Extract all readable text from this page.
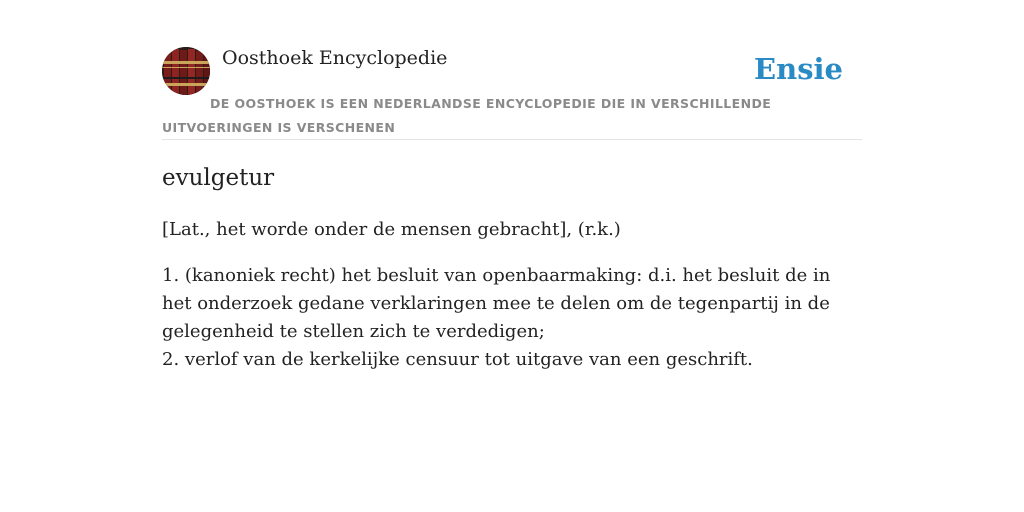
Oosthoek Encyclopedie	Ensie
DE OOSTHOEK IS EEN NEDERLANDSE ENCYCLOPEDIE DIE IN VERSCHILLENDE UITVOERINGEN IS VERSCHENEN
evulgetur

[Lat., het worde onder de mensen gebracht], (r.k.)

1. (kanoniek recht) het besluit van openbaarmaking: d.i. het besluit de in het onderzoek gedane verklaringen mee te delen om de tegenpartij in de gelegenheid te stellen zich te verdedigen;
2. verlof van de kerkelijke censuur tot uitgave van een geschrift.
